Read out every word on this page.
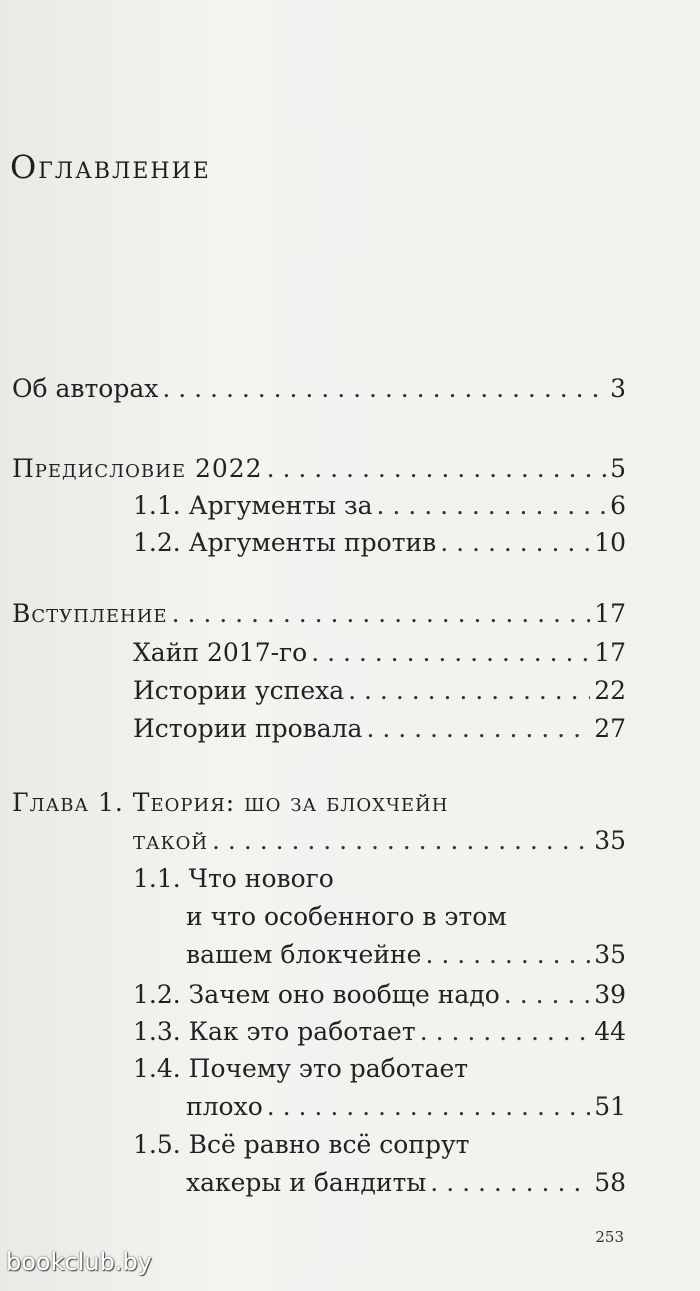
Оглавление
Об авторах . . .	3
Предисловие 2022 . . .	5
1.1. Аргументы за . . .	6
1.2. Аргументы против . . .	10
Вступление . . .	17
Хайп 2017-го . . .	17
Истории успеха . . .	22
Истории провала . . .	27
Глава 1. Теория: шо за блохчейн
такой . . .	35
1.1. Что нового
и что особенного в этом
вашем блокчейне . . .	35
1.2. Зачем оно вообще надо . . .	39
1.3. Как это работает . . .	44
1.4. Почему это работает
плохо . . .	51
1.5. Всё равно всё сопрут
хакеры и бандиты . . .	58
253
bookclub.by
